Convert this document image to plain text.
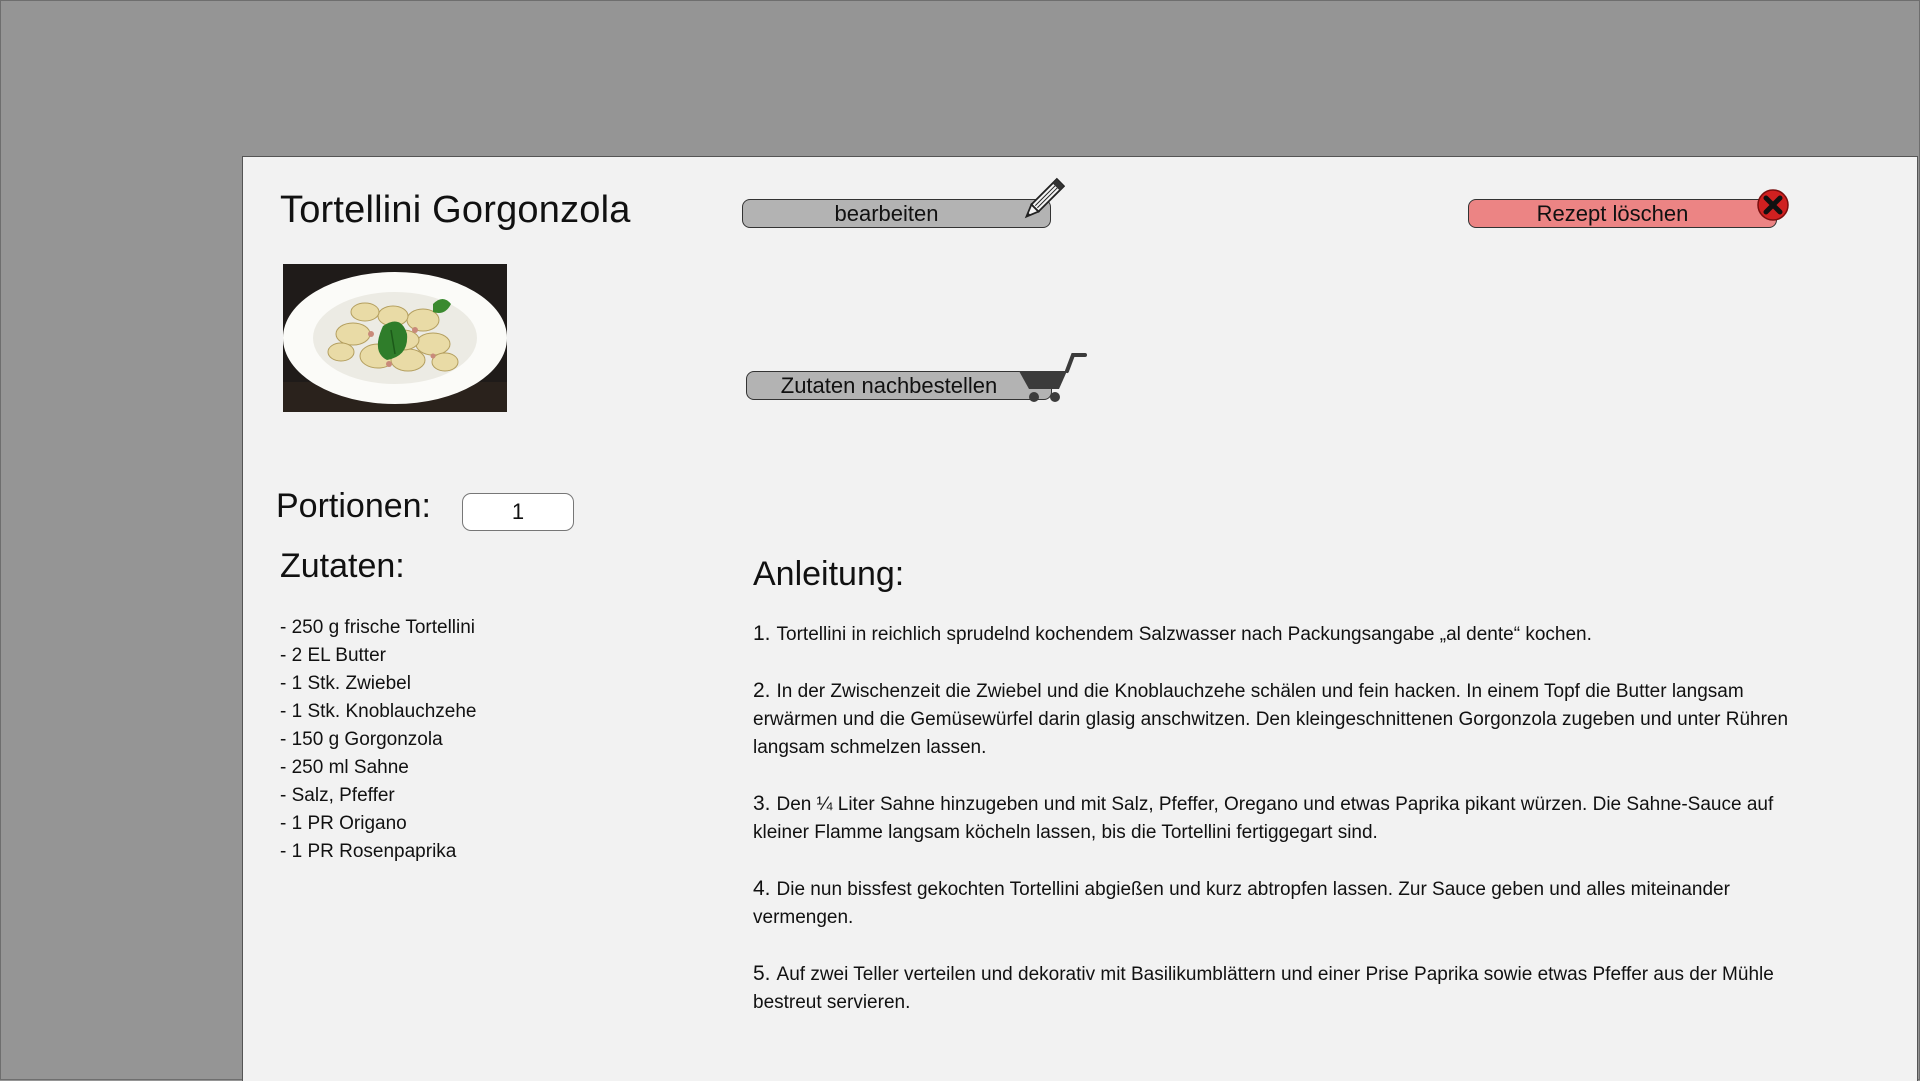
Tortellini Gorgonzola	bearbeiten	Rezept löschen
Zutaten nachbestellen
Portionen:
1
Zutaten:
- 250 g frische Tortellini
- 2 EL Butter
- 1 Stk. Zwiebel
- 1 Stk. Knoblauchzehe
- 150 g Gorgonzola
- 250 ml Sahne
- Salz, Pfeffer
- 1 PR Origano
- 1 PR Rosenpaprika
Anleitung:
1. Tortellini in reichlich sprudelnd kochendem Salzwasser nach Packungsangabe „al dente“ kochen.
2. In der Zwischenzeit die Zwiebel und die Knoblauchzehe schälen und fein hacken. In einem Topf die Butter langsam erwärmen und die Gemüsewürfel darin glasig anschwitzen. Den kleingeschnittenen Gorgonzola zugeben und unter Rühren langsam schmelzen lassen.
3. Den ¼ Liter Sahne hinzugeben und mit Salz, Pfeffer, Oregano und etwas Paprika pikant würzen. Die Sahne-Sauce auf kleiner Flamme langsam köcheln lassen, bis die Tortellini fertiggegart sind.
4. Die nun bissfest gekochten Tortellini abgießen und kurz abtropfen lassen. Zur Sauce geben und alles miteinander vermengen.
5. Auf zwei Teller verteilen und dekorativ mit Basilikumblättern und einer Prise Paprika sowie etwas Pfeffer aus der Mühle bestreut servieren.
